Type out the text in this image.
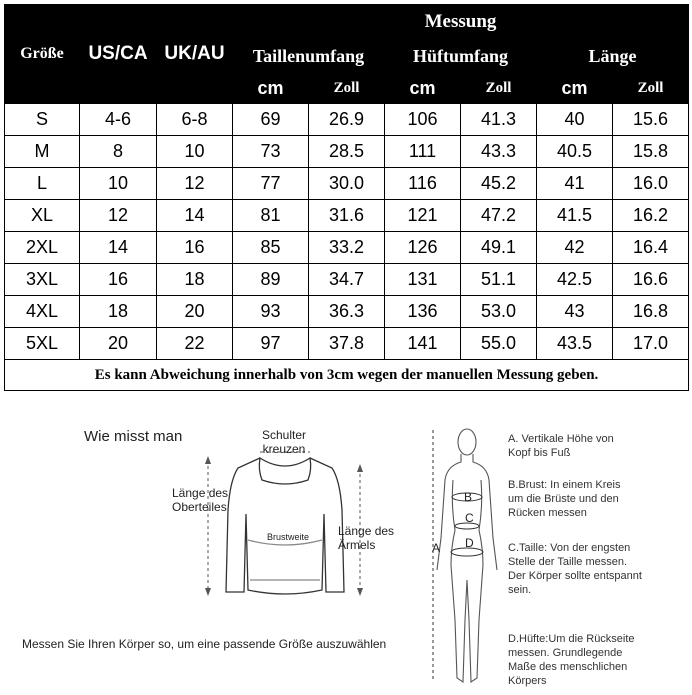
Größe	US/CA	UK/AU	Messung					
			Taillenumfang		Hüftumfang		Länge	
			cm	Zoll	cm	Zoll	cm	Zoll
S	4-6	6-8	69	26.9	106	41.3	40	15.6
M	8	10	73	28.5	111	43.3	40.5	15.8
L	10	12	77	30.0	116	45.2	41	16.0
XL	12	14	81	31.6	121	47.2	41.5	16.2
2XL	14	16	85	33.2	126	49.1	42	16.4
3XL	16	18	89	34.7	131	51.1	42.5	16.6
4XL	18	20	93	36.3	136	53.0	43	16.8
5XL	20	22	97	37.8	141	55.0	43.5	17.0
Es kann Abweichung innerhalb von 3cm wegen der manuellen Messung geben.								
Wie misst man	Schulter
kreuzen
Länge des
Oberteiles
Länge des
Ärmels
Brustweite
Messen Sie Ihren Körper so, um eine passende Größe auszuwählen
A
B
C
D
A. Vertikale Höhe von
Kopf bis Fuß
B.Brust: In einem Kreis
um die Brüste und den
Rücken messen
C.Taille: Von der engsten
Stelle der Taille messen.
Der Körper sollte entspannt
sein.
D.Hüfte:Um die Rückseite
messen. Grundlegende
Maße des menschlichen
Körpers
